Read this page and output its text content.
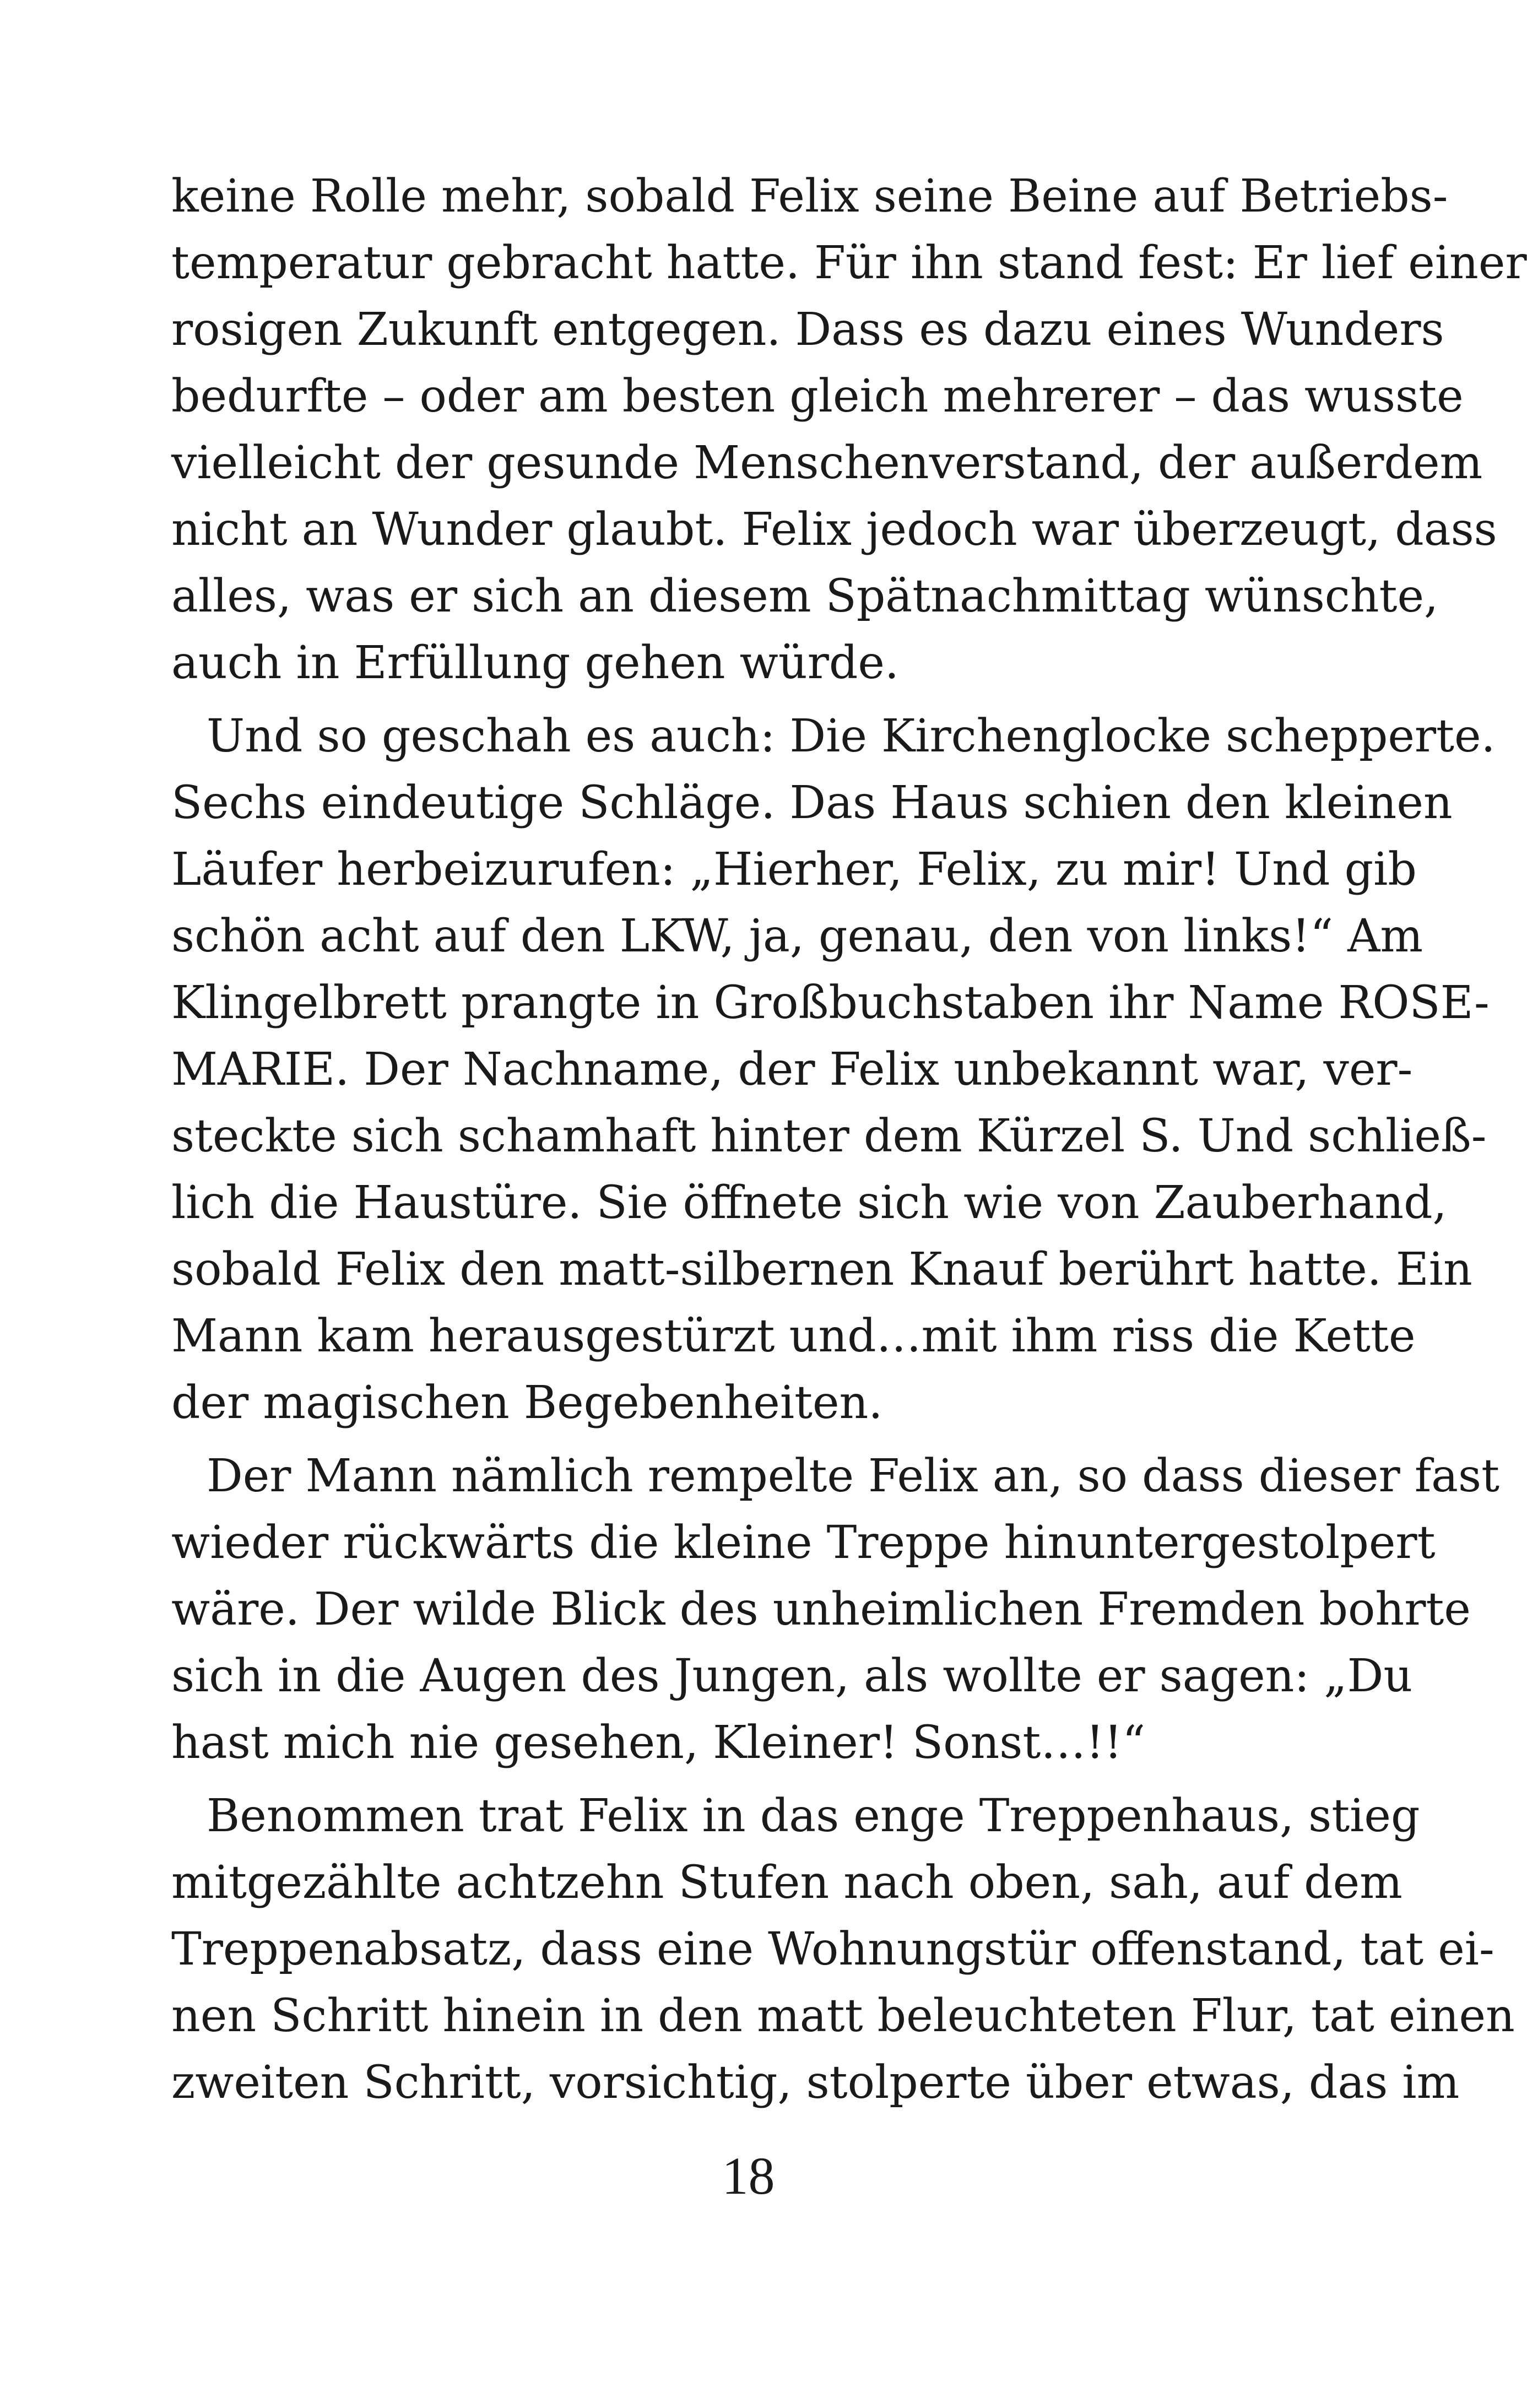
keine Rolle mehr, sobald Felix seine Beine auf Betriebs-
temperatur gebracht hatte. Für ihn stand fest: Er lief einer
rosigen Zukunft entgegen. Dass es dazu eines Wunders
bedurfte – oder am besten gleich mehrerer – das wusste
vielleicht der gesunde Menschenverstand, der außerdem
nicht an Wunder glaubt. Felix jedoch war überzeugt, dass
alles, was er sich an diesem Spätnachmittag wünschte,
auch in Erfüllung gehen würde.
Und so geschah es auch: Die Kirchenglocke schepperte.
Sechs eindeutige Schläge. Das Haus schien den kleinen
Läufer herbeizurufen: „Hierher, Felix, zu mir! Und gib
schön acht auf den LKW, ja, genau, den von links!“ Am
Klingelbrett prangte in Großbuchstaben ihr Name ROSE-
MARIE. Der Nachname, der Felix unbekannt war, ver-
steckte sich schamhaft hinter dem Kürzel S. Und schließ-
lich die Haustüre. Sie öffnete sich wie von Zauberhand,
sobald Felix den matt-silbernen Knauf berührt hatte. Ein
Mann kam herausgestürzt und…mit ihm riss die Kette
der magischen Begebenheiten.
Der Mann nämlich rempelte Felix an, so dass dieser fast
wieder rückwärts die kleine Treppe hinuntergestolpert
wäre. Der wilde Blick des unheimlichen Fremden bohrte
sich in die Augen des Jungen, als wollte er sagen: „Du
hast mich nie gesehen, Kleiner! Sonst…!!“
Benommen trat Felix in das enge Treppenhaus, stieg
mitgezählte achtzehn Stufen nach oben, sah, auf dem
Treppenabsatz, dass eine Wohnungstür offenstand, tat ei-
nen Schritt hinein in den matt beleuchteten Flur, tat einen
zweiten Schritt, vorsichtig, stolperte über etwas, das im
18
